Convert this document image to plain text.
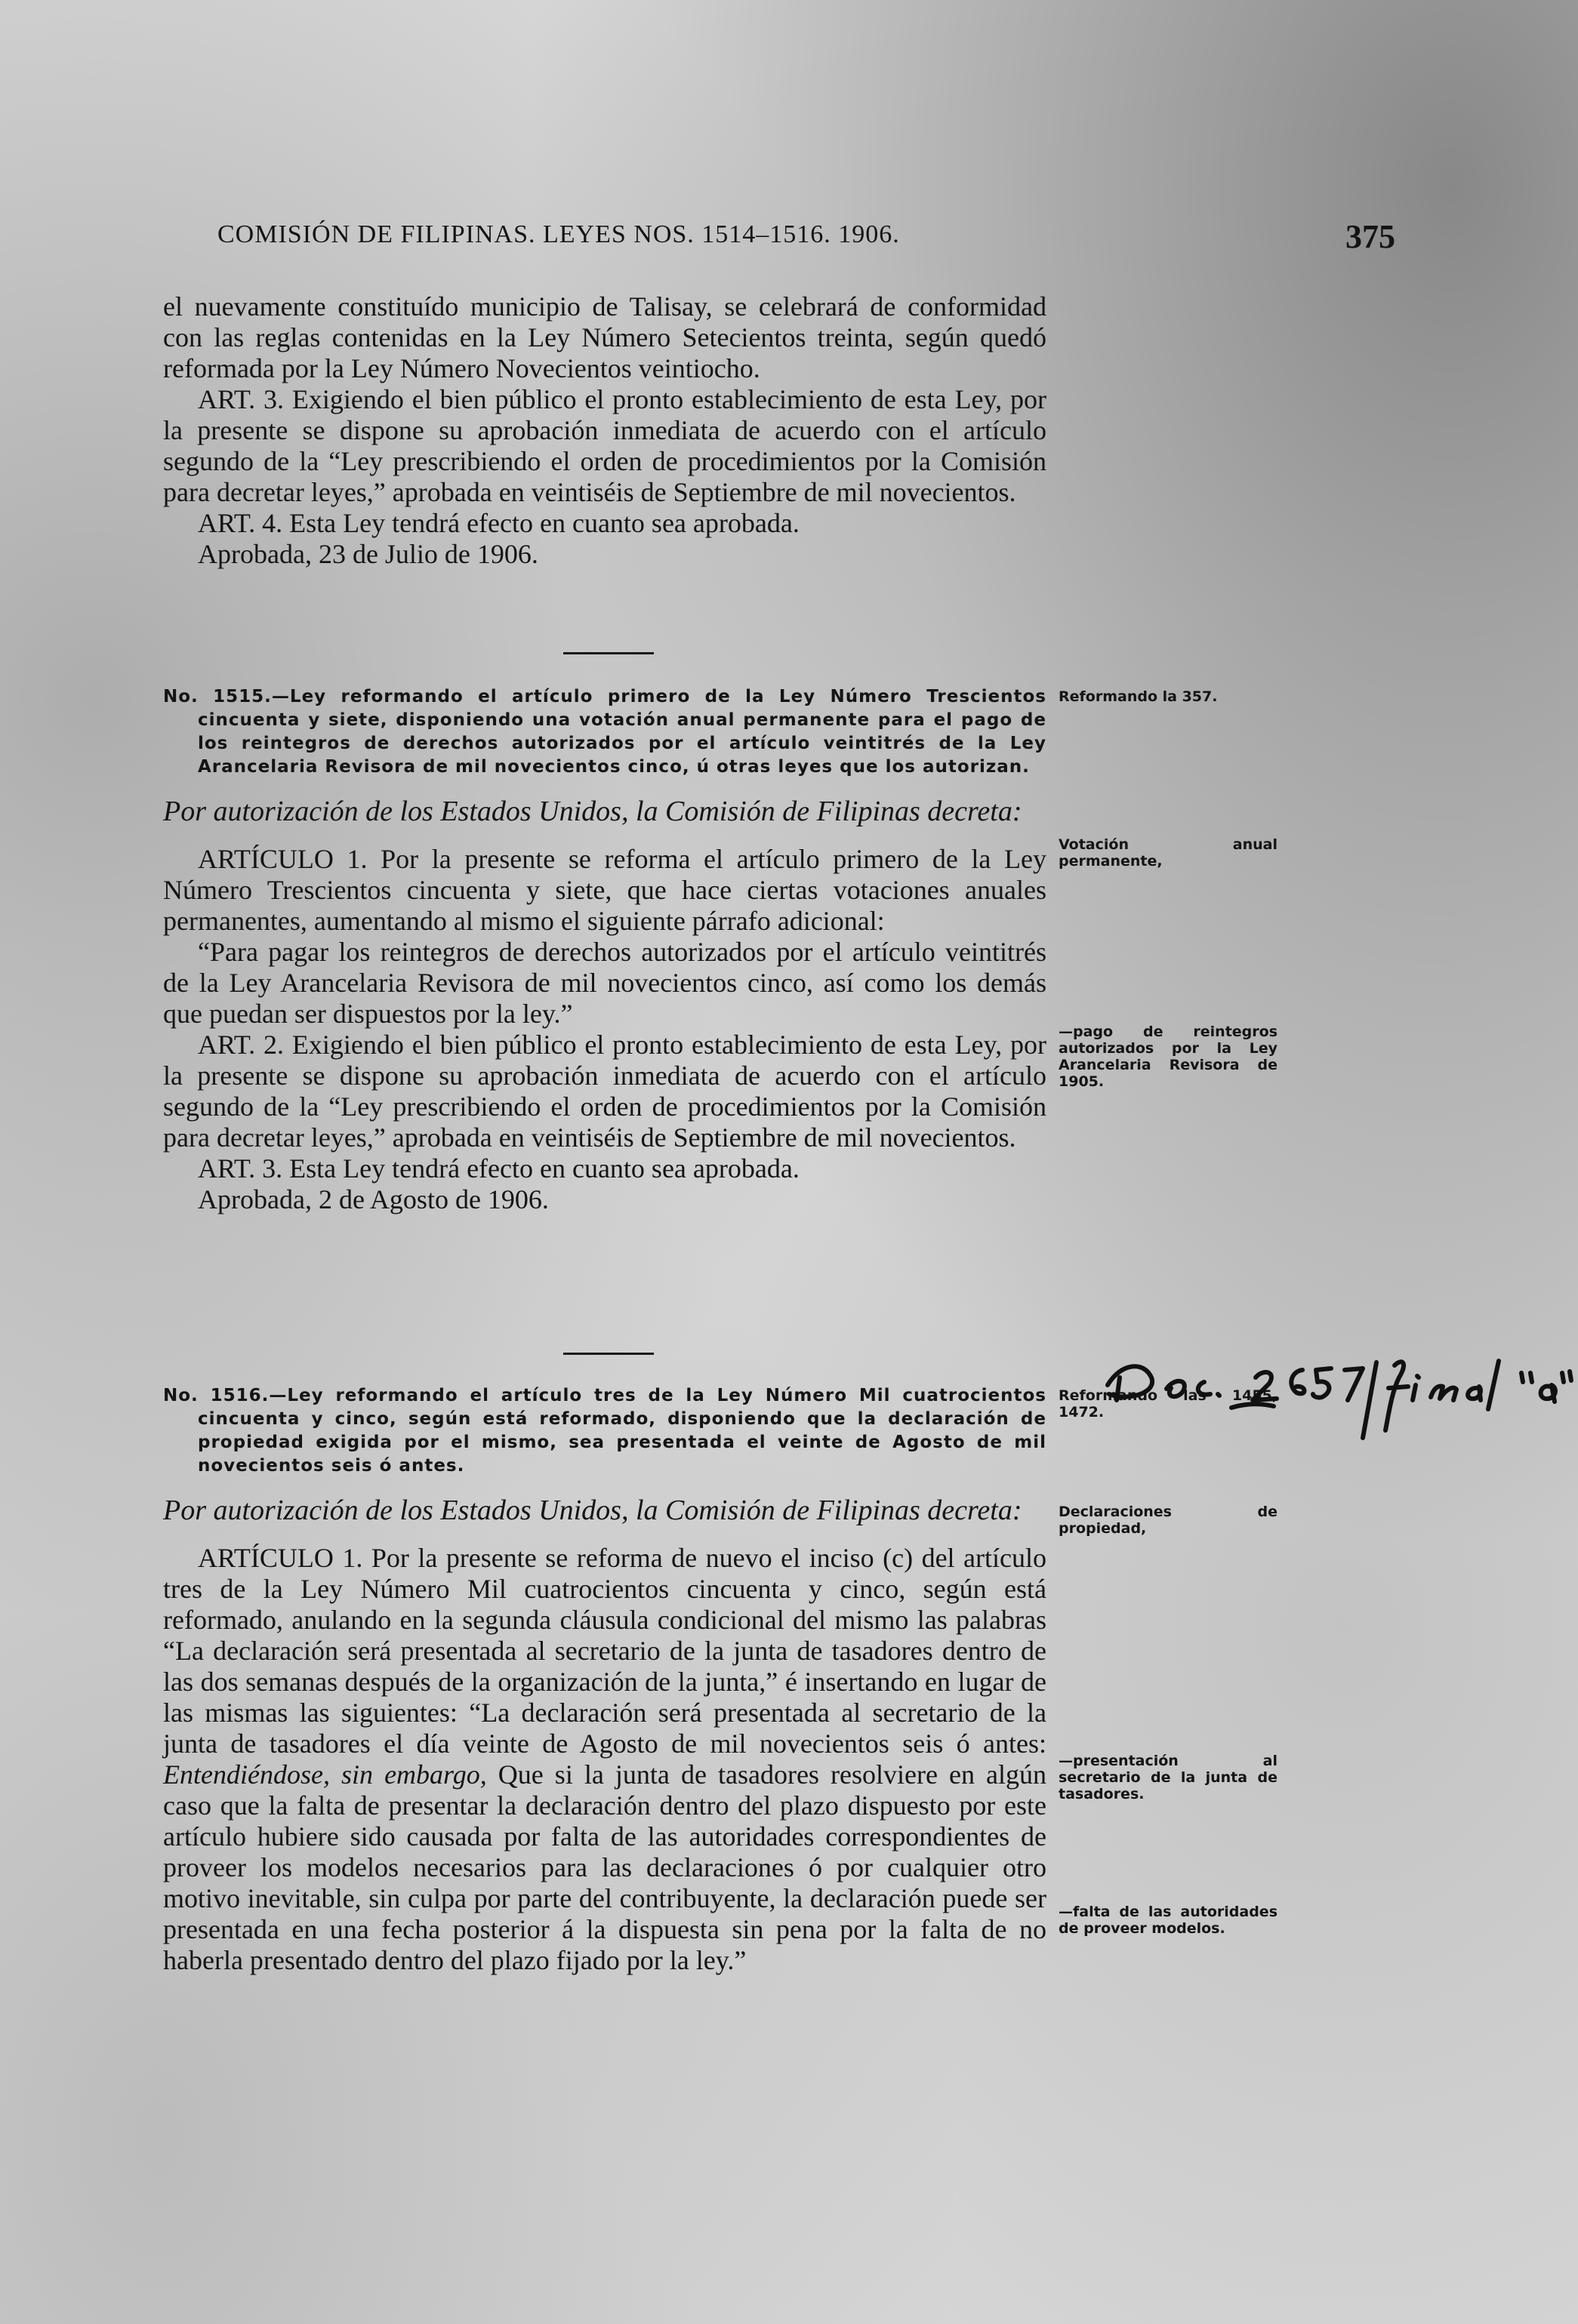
COMISIÓN DE FILIPINAS. LEYES NOS. 1514–1516. 1906.	375

el nuevamente constituído municipio de Talisay, se celebrará de conformidad con las reglas contenidas en la Ley Número Setecientos treinta, según quedó reformada por la Ley Número Novecientos veintiocho.

ART. 3. Exigiendo el bien público el pronto establecimiento de esta Ley, por la presente se dispone su aprobación inmediata de acuerdo con el artículo segundo de la “Ley prescribiendo el orden de procedimientos por la Comisión para decretar leyes,” aprobada en veintiséis de Septiembre de mil novecientos.

ART. 4. Esta Ley tendrá efecto en cuanto sea aprobada.

Aprobada, 23 de Julio de 1906.

No. 1515.—Ley reformando el artículo primero de la Ley Número Trescientos cincuenta y siete, disponiendo una votación anual permanente para el pago de los reintegros de derechos autorizados por el artículo veintitrés de la Ley Arancelaria Revisora de mil novecientos cinco, ú otras leyes que los autorizan.

Por autorización de los Estados Unidos, la Comisión de Filipinas decreta:

ARTÍCULO 1. Por la presente se reforma el artículo primero de la Ley Número Trescientos cincuenta y siete, que hace ciertas votaciones anuales permanentes, aumentando al mismo el siguiente párrafo adicional:

“Para pagar los reintegros de derechos autorizados por el artículo veintitrés de la Ley Arancelaria Revisora de mil novecientos cinco, así como los demás que puedan ser dispuestos por la ley.”

ART. 2. Exigiendo el bien público el pronto establecimiento de esta Ley, por la presente se dispone su aprobación inmediata de acuerdo con el artículo segundo de la “Ley prescribiendo el orden de procedimientos por la Comisión para decretar leyes,” aprobada en veintiséis de Septiembre de mil novecientos.

ART. 3. Esta Ley tendrá efecto en cuanto sea aprobada.

Aprobada, 2 de Agosto de 1906.

Reformando la 357.
Votación anual permanente,
—pago de reintegros autorizados por la Ley Arancelaria Revisora de 1905.

No. 1516.—Ley reformando el artículo tres de la Ley Número Mil cuatrocientos cincuenta y cinco, según está reformado, disponiendo que la declaración de propiedad exigida por el mismo, sea presentada el veinte de Agosto de mil novecientos seis ó antes.

Por autorización de los Estados Unidos, la Comisión de Filipinas decreta:

ARTÍCULO 1. Por la presente se reforma de nuevo el inciso (c) del artículo tres de la Ley Número Mil cuatrocientos cincuenta y cinco, según está reformado, anulando en la segunda cláusula condicional del mismo las palabras “La declaración será presentada al secretario de la junta de tasadores dentro de las dos semanas después de la organización de la junta,” é insertando en lugar de las mismas las siguientes: “La declaración será presentada al secretario de la junta de tasadores el día veinte de Agosto de mil novecientos seis ó antes: Entendiéndose, sin embargo, Que si la junta de tasadores resolviere en algún caso que la falta de presentar la declaración dentro del plazo dispuesto por este artículo hubiere sido causada por falta de las autoridades correspondientes de proveer los modelos necesarios para las declaraciones ó por cualquier otro motivo inevitable, sin culpa por parte del contribuyente, la declaración puede ser presentada en una fecha posterior á la dispuesta sin pena por la falta de no haberla presentado dentro del plazo fijado por la ley.”

Reformando las 1455, 1472.
Declaraciones de propiedad,
—presentación al secretario de la junta de tasadores.
—falta de las autoridades de proveer modelos.
